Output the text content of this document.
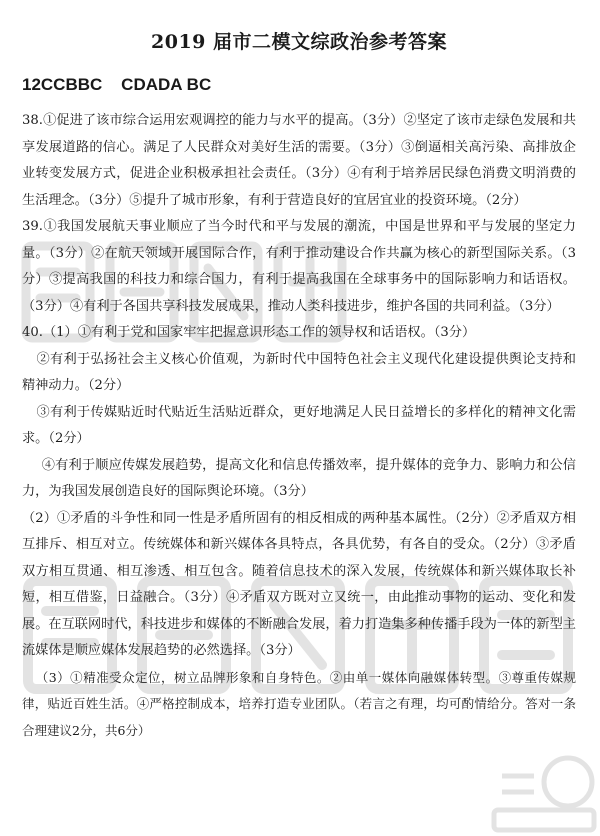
2019 届市二模文综政治参考答案
12CCBBC    CDADA BC

38.①促进了该市综合运用宏观调控的能力与水平的提高。（3分）②坚定了该市走绿色发展和共享发展道路的信心。满足了人民群众对美好生活的需要。（3分）③倒逼相关高污染、高排放企业转变发展方式，促进企业积极承担社会责任。（3分）④有利于培养居民绿色消费文明消费的生活理念。（3分）⑤提升了城市形象，有利于营造良好的宜居宜业的投资环境。（2分）

39.①我国发展航天事业顺应了当今时代和平与发展的潮流，中国是世界和平与发展的坚定力量。（3分）②在航天领域开展国际合作，有利于推动建设合作共赢为核心的新型国际关系。（3分）③提高我国的科技力和综合国力，有利于提高我国在全球事务中的国际影响力和话语权。（3分）④有利于各国共享科技发展成果，推动人类科技进步，维护各国的共同利益。（3分）

40.（1）①有利于党和国家牢牢把握意识形态工作的领导权和话语权。（3分）

②有利于弘扬社会主义核心价值观，为新时代中国特色社会主义现代化建设提供舆论支持和精神动力。（2分）

③有利于传媒贴近时代贴近生活贴近群众，更好地满足人民日益增长的多样化的精神文化需求。（2分）

④有利于顺应传媒发展趋势，提高文化和信息传播效率，提升媒体的竞争力、影响力和公信力，为我国发展创造良好的国际舆论环境。（3分）

（2）①矛盾的斗争性和同一性是矛盾所固有的相反相成的两种基本属性。（2分）②矛盾双方相互排斥、相互对立。传统媒体和新兴媒体各具特点，各具优势，有各自的受众。（2分）③矛盾双方相互贯通、相互渗透、相互包含。随着信息技术的深入发展，传统媒体和新兴媒体取长补短，相互借鉴，日益融合。（3分）④矛盾双方既对立又统一，由此推动事物的运动、变化和发展。在互联网时代，科技进步和媒体的不断融合发展，着力打造集多种传播手段为一体的新型主流媒体是顺应媒体发展趋势的必然选择。（3分）

（3）①精准受众定位，树立品牌形象和自身特色。②由单一媒体向融媒体转型。③尊重传媒规律，贴近百姓生活。④严格控制成本，培养打造专业团队。（若言之有理，均可酌情给分。答对一条合理建议2分，共6分）
